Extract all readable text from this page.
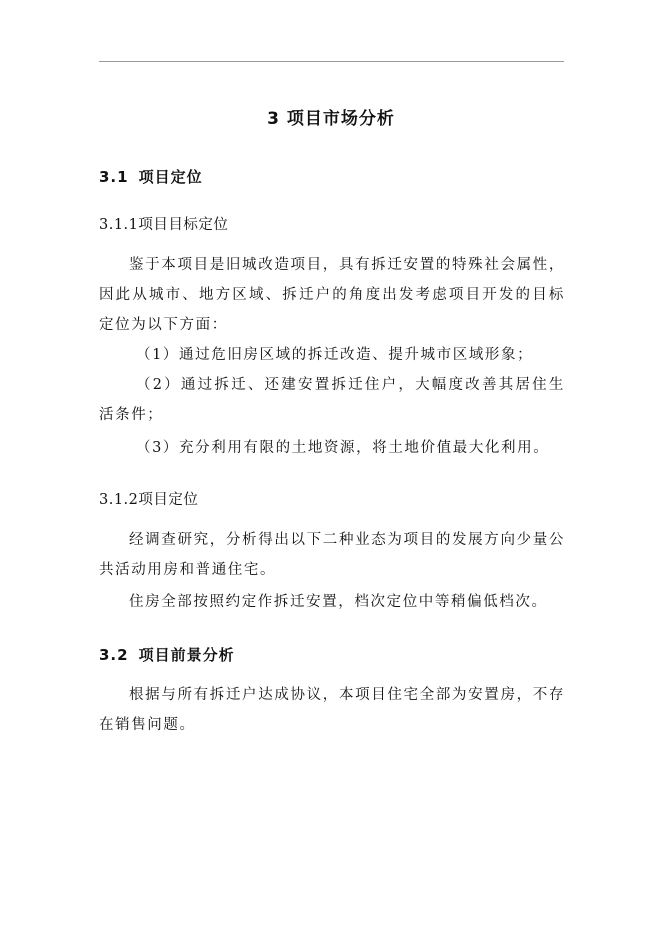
3 项目市场分析
3.1 项目定位
3.1.1项目目标定位

鉴于本项目是旧城改造项目，具有拆迁安置的特殊社会属性，因此从城市、地方区域、拆迁户的角度出发考虑项目开发的目标定位为以下方面：

（1）通过危旧房区域的拆迁改造、提升城市区域形象；

（2）通过拆迁、还建安置拆迁住户，大幅度改善其居住生活条件；

（3）充分利用有限的土地资源，将土地价值最大化利用。

3.1.2项目定位

经调查研究，分析得出以下二种业态为项目的发展方向少量公共活动用房和普通住宅。

住房全部按照约定作拆迁安置，档次定位中等稍偏低档次。

3.2 项目前景分析

根据与所有拆迁户达成协议，本项目住宅全部为安置房，不存在销售问题。
